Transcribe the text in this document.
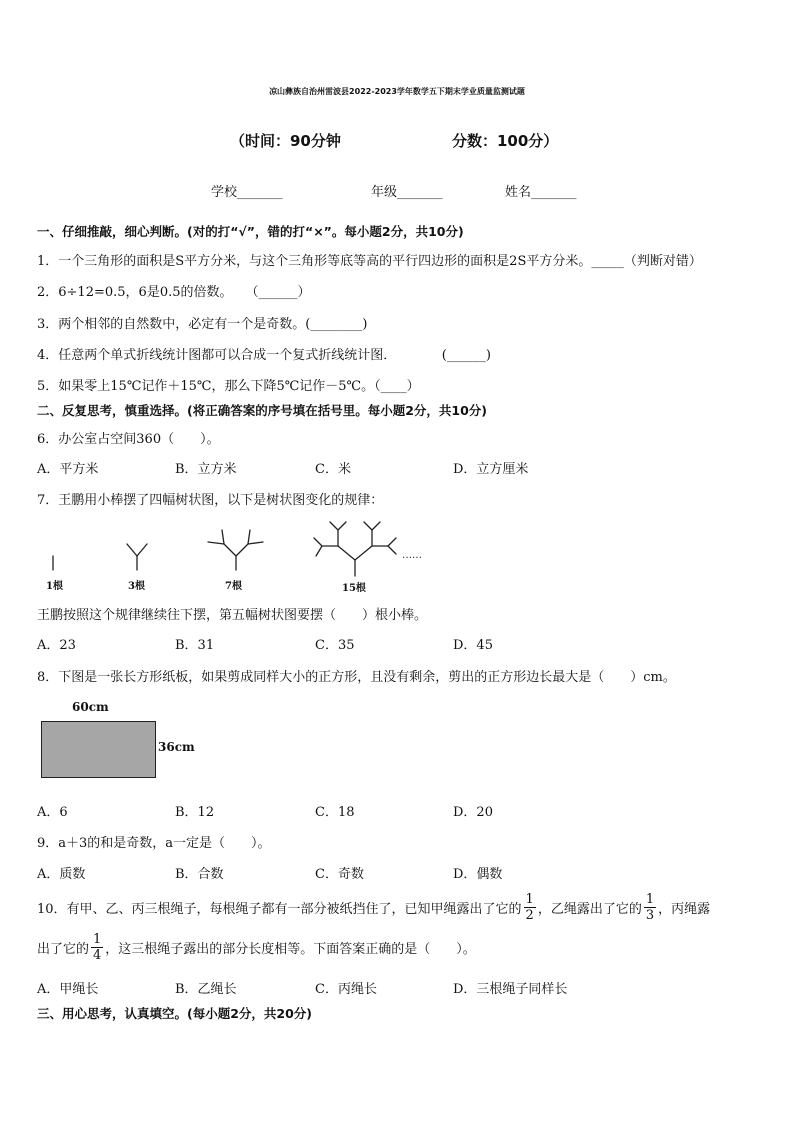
凉山彝族自治州雷波县2022-2023学年数学五下期末学业质量监测试题
（时间：90分钟	分数：100分）
学校_______	年级_______	姓名_______
一、仔细推敲，细心判断。(对的打“√”，错的打“×”。每小题2分，共10分)
1．一个三角形的面积是S平方分米，与这个三角形等底等高的平行四边形的面积是2S平方分米。_____（判断对错）
2．6÷12=0.5，6是0.5的倍数。　　（______）
3．两个相邻的自然数中，必定有一个是奇数。(________)
4．任意两个单式折线统计图都可以合成一个复式折线统计图．　　　　(______)
5．如果零上15℃记作＋15℃，那么下降5℃记作－5℃。（____）
二、反复思考，慎重选择。(将正确答案的序号填在括号里。每小题2分，共10分)
6．办公室占空间360（　　）。
A．平方米	B．立方米	C．米	D．立方厘米
7．王鹏用小棒摆了四幅树状图，以下是树状图变化的规律：
1根	3根	7根	15根
……
王鹏按照这个规律继续往下摆，第五幅树状图要摆（　　）根小棒。
A．23	B．31	C．35	D．45
8．下图是一张长方形纸板，如果剪成同样大小的正方形，且没有剩余，剪出的正方形边长最大是（　　）cm。
60cm
36cm
A．6	B．12	C．18	D．20
9．a＋3的和是奇数，a一定是（　　）。
A．质数	B．合数	C．奇数	D．偶数
10．有甲、乙、丙三根绳子，每根绳子都有一部分被纸挡住了，已知甲绳露出了它的 $\frac{1}{2}$ ，乙绳露出了它的 $\frac{1}{3}$ ，丙绳露
出了它的 $\frac{1}{4}$ ，这三根绳子露出的部分长度相等。下面答案正确的是（　　）。
A．甲绳长	B．乙绳长	C．丙绳长	D．三根绳子同样长
三、用心思考，认真填空。(每小题2分，共20分)
